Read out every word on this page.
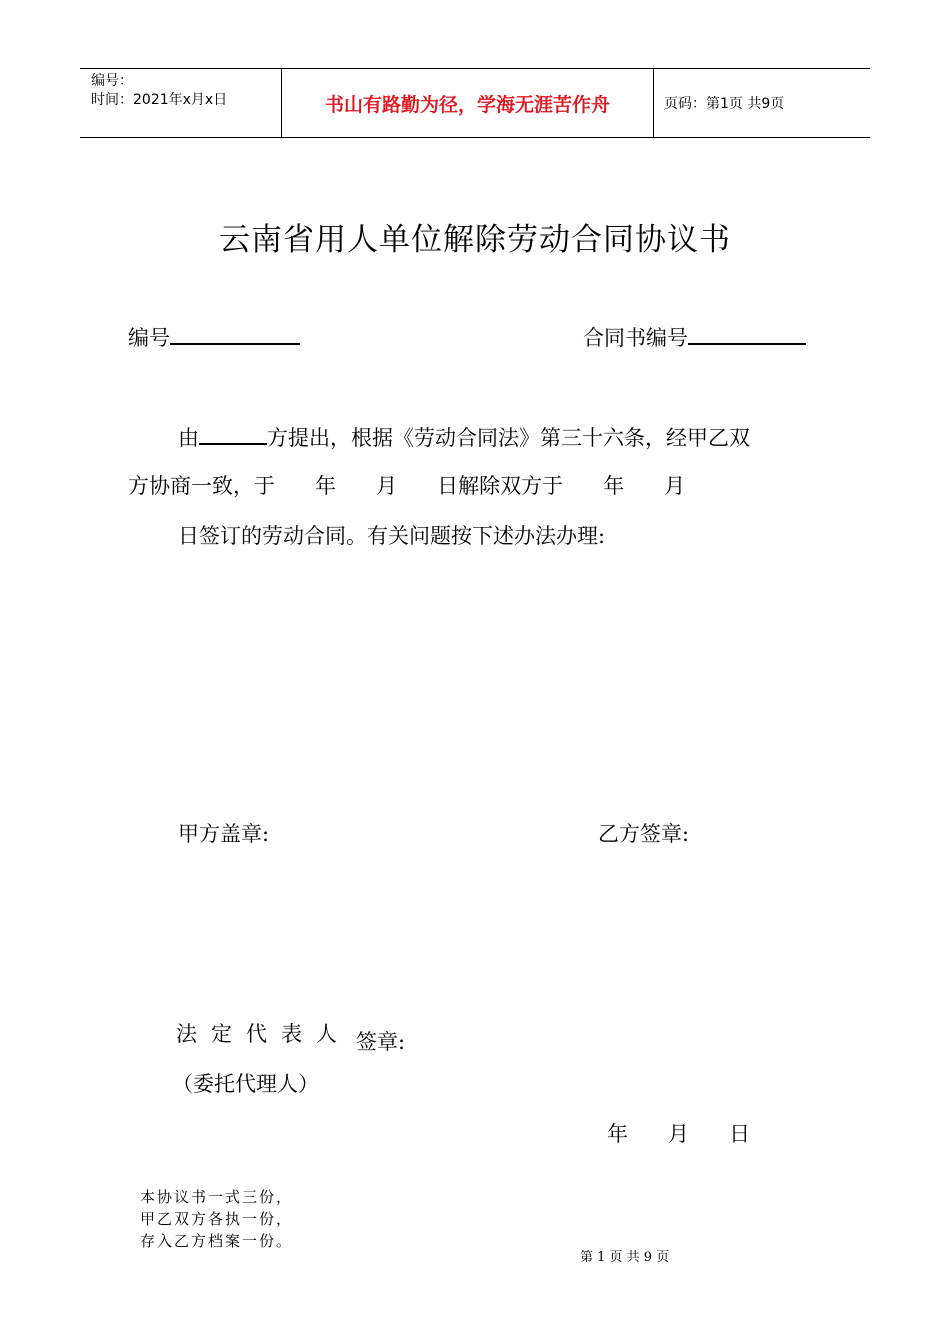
编号：
时间：2021年x月x日	书山有路勤为径，学海无涯苦作舟	页码：第1页 共9页
云南省用人单位解除劳动合同协议书
编号	合同书编号
由	方提出，根据《劳动合同法》第三十六条，经甲乙双
方协商一致，于      年      月      日解除双方于      年      月
日签订的劳动合同。有关问题按下述办法办理:
甲方盖章:	乙方签章:
法定代表人 签章:
（委托代理人）
年      月      日
本协议书一式三份，
甲乙双方各执一份，
存入乙方档案一份。
第 1 页 共 9 页
